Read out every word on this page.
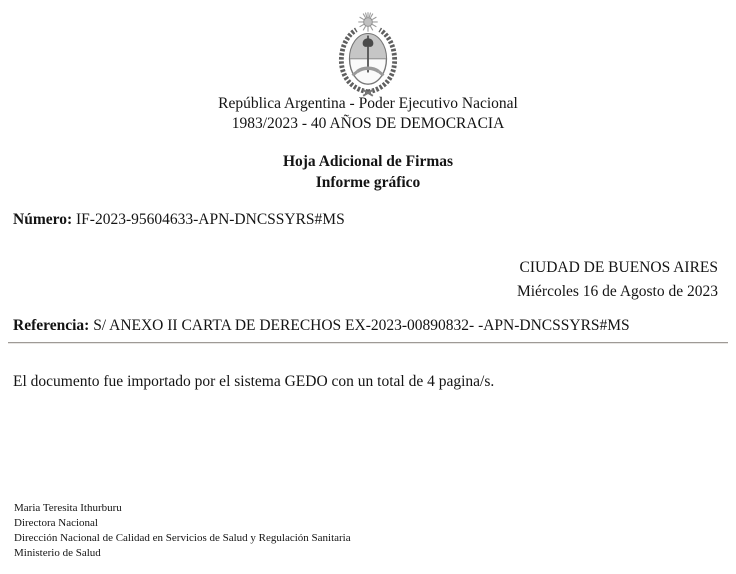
República Argentina - Poder Ejecutivo Nacional
1983/2023 - 40 AÑOS DE DEMOCRACIA
Hoja Adicional de Firmas
Informe gráfico
Número: IF-2023-95604633-APN-DNCSSYRS#MS
CIUDAD DE BUENOS AIRES
Miércoles 16 de Agosto de 2023
Referencia: S/ ANEXO II CARTA DE DERECHOS EX-2023-00890832- -APN-DNCSSYRS#MS
El documento fue importado por el sistema GEDO con un total de 4 pagina/s.
Maria Teresita Ithurburu
Directora Nacional
Dirección Nacional de Calidad en Servicios de Salud y Regulación Sanitaria
Ministerio de Salud
